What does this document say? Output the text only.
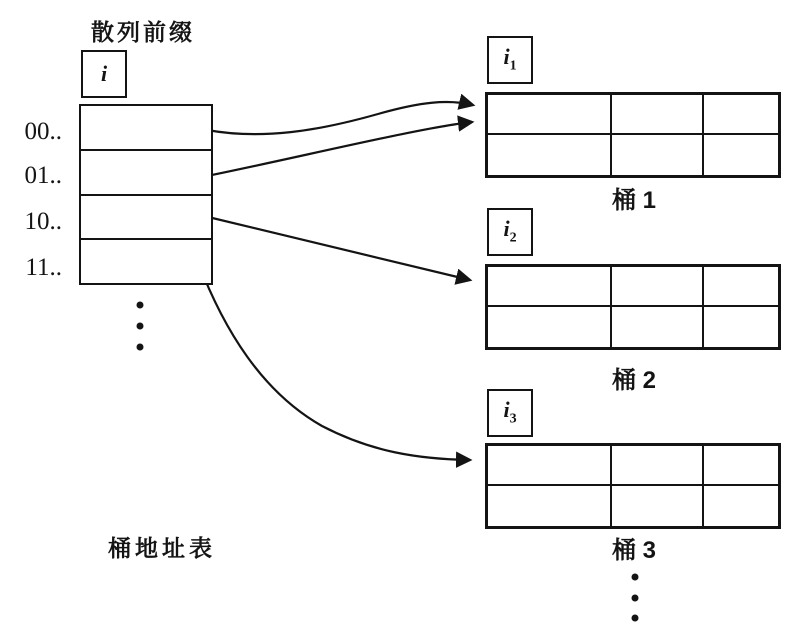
散列前缀
i
00..
01..
10..
11..
桶地址表
$i_1$
桶 1
$i_2$
桶 2
$i_3$
桶 3
